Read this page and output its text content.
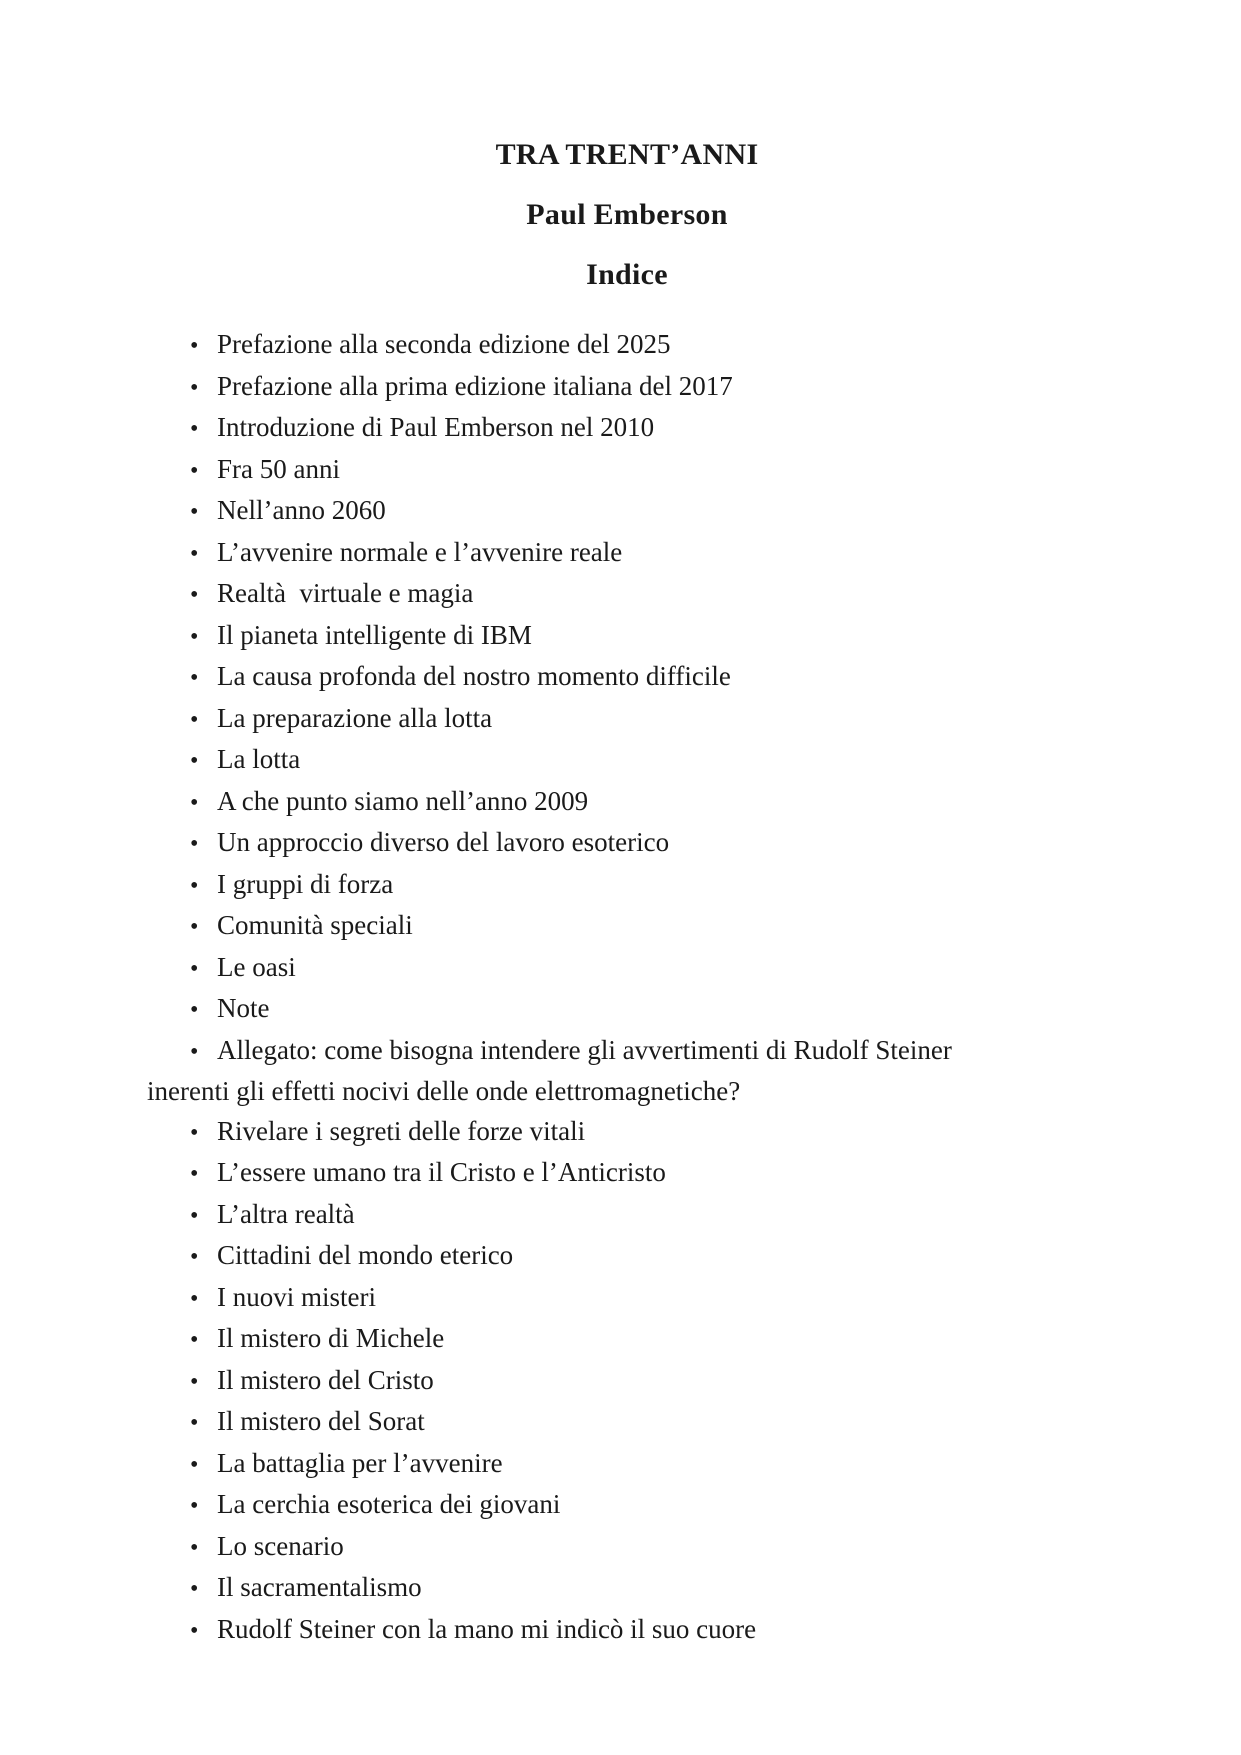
TRA TRENT’ANNI
Paul Emberson
Indice
• Prefazione alla seconda edizione del 2025
• Prefazione alla prima edizione italiana del 2017
• Introduzione di Paul Emberson nel 2010
• Fra 50 anni
• Nell’anno 2060
• L’avvenire normale e l’avvenire reale
• Realtà  virtuale e magia
• Il pianeta intelligente di IBM
• La causa profonda del nostro momento difficile
• La preparazione alla lotta
• La lotta
• A che punto siamo nell’anno 2009
• Un approccio diverso del lavoro esoterico
• I gruppi di forza
• Comunità speciali
• Le oasi
• Note
• Allegato: come bisogna intendere gli avvertimenti di Rudolf Steiner
inerenti gli effetti nocivi delle onde elettromagnetiche?
• Rivelare i segreti delle forze vitali
• L’essere umano tra il Cristo e l’Anticristo
• L’altra realtà
• Cittadini del mondo eterico
• I nuovi misteri
• Il mistero di Michele
• Il mistero del Cristo
• Il mistero del Sorat
• La battaglia per l’avvenire
• La cerchia esoterica dei giovani
• Lo scenario
• Il sacramentalismo
• Rudolf Steiner con la mano mi indicò il suo cuore
